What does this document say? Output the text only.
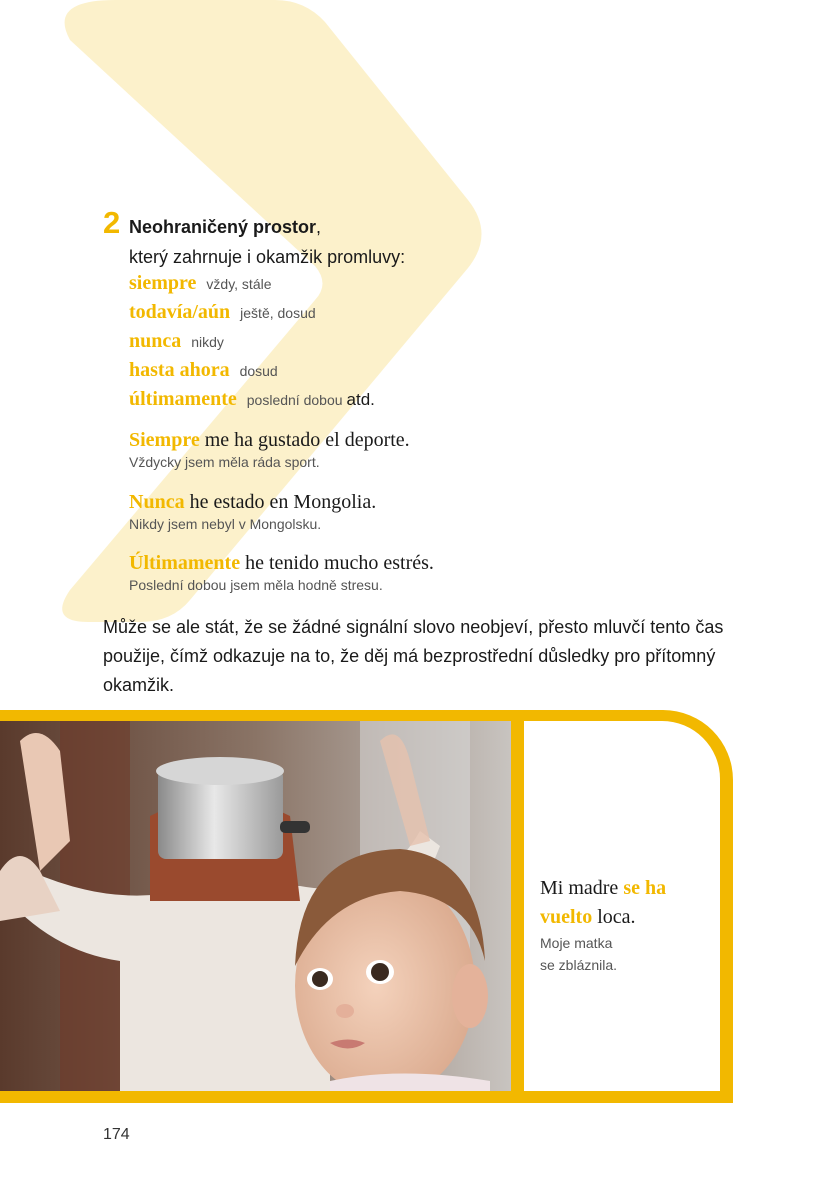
2 Neohraničený prostor,
který zahrnuje i okamžik promluvy:
siempre vždy, stále
todavía/aún ještě, dosud
nunca nikdy
hasta ahora dosud
últimamente poslední dobou atd.
Siempre me ha gustado el deporte.
Vždycky jsem měla ráda sport.
Nunca he estado en Mongolia.
Nikdy jsem nebyl v Mongolsku.
Últimamente he tenido mucho estrés.
Poslední dobou jsem měla hodně stresu.
Může se ale stát, že se žádné signální slovo neobjeví, přesto mluvčí tento čas použije, čímž odkazuje na to, že děj má bezprostřední důsledky pro přítomný okamžik.
Mi madre se ha vuelto loca.
Moje matka
se zbláznila.
174
